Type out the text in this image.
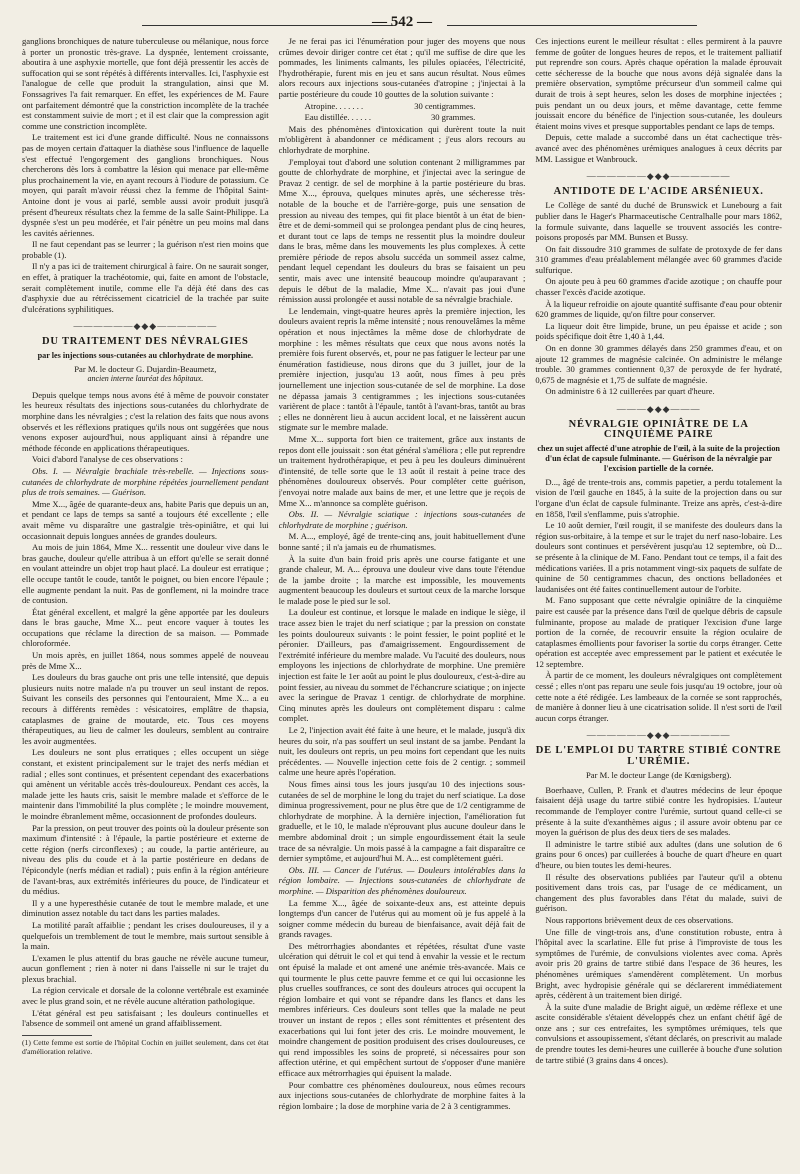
— 542 —

ganglions bronchiques de nature tuberculeuse ou mélanique, nous force à porter un pronostic très-grave. La dyspnée, lentement croissante, aboutira à une asphyxie mortelle, que font déjà pressentir les accès de suffocation qui se sont répétés à différents intervalles. Ici, l'asphyxie est l'analogue de celle que produit la strangulation, ainsi que M. Fonssagrives l'a fait remarquer. En effet, les expériences de M. Faure ont parfaitement démontré que la constriction incomplète de la trachée est constamment suivie de mort ; et il est clair que la compression agit comme une constriction incomplète.

Le traitement est ici d'une grande difficulté. Nous ne connaissons pas de moyen certain d'attaquer la diathèse sous l'influence de laquelle s'est effectué l'engorgement des ganglions bronchiques. Nous chercherons dès lors à combattre la lésion qui menace par elle-même plus prochainement la vie, en ayant recours à l'iodure de potassium. Ce moyen, qui paraît m'avoir réussi chez la femme de l'hôpital Saint-Antoine dont je vous ai parlé, semble aussi avoir produit jusqu'à présent d'heureux résultats chez la femme de la salle Saint-Philippe. La dyspnée s'est un peu modérée, et l'air pénètre un peu moins mal dans les cavités aériennes.

Il ne faut cependant pas se leurrer ; la guérison n'est rien moins que probable (1).

Il n'y a pas ici de traitement chirurgical à faire. On ne saurait songer, en effet, à pratiquer la trachéotomie, qui, faite en amont de l'obstacle, serait complètement inutile, comme elle l'a déjà été dans des cas d'asphyxie due au rétrécissement cicatriciel de la trachée par suite d'ulcérations syphilitiques.

——————◆◆◆——————
DU TRAITEMENT DES NÉVRALGIES
par les injections sous-cutanées au chlorhydrate de morphine.
Par M. le docteur G. Dujardin-Beaumetz,
ancien interne lauréat des hôpitaux.

Depuis quelque temps nous avons été à même de pouvoir constater les heureux résultats des injections sous-cutanées du chlorhydrate de morphine dans les névralgies ; c'est la relation des faits que nous avons observés et les réflexions pratiques qu'ils nous ont suggérées que nous venons exposer aujourd'hui, nous appliquant ainsi à répandre une méthode féconde en applications thérapeutiques.

Voici d'abord l'analyse de ces observations :

Obs. I. — Névralgie brachiale très-rebelle. — Injections sous-cutanées de chlorhydrate de morphine répétées journellement pendant plus de trois semaines. — Guérison.

Mme X..., âgée de quarante-deux ans, habite Paris que depuis un an, et pendant ce laps de temps sa santé a toujours été excellente ; elle avait même vu disparaître une gastralgie très-opiniâtre, et qui lui occasionnait depuis longues années de grandes douleurs.

Au mois de juin 1864, Mme X... ressentit une douleur vive dans le bras gauche, douleur qu'elle attribua à un effort qu'elle se serait donné en voulant atteindre un objet trop haut placé. La douleur est erratique ; elle occupe tantôt le coude, tantôt le poignet, ou bien encore l'épaule ; elle augmente pendant la nuit. Pas de gonflement, ni la moindre trace de contusion.

État général excellent, et malgré la gêne apportée par les douleurs dans le bras gauche, Mme X... peut encore vaquer à toutes les occupations que réclame la direction de sa maison. — Pommade chloroformée.

Un mois après, en juillet 1864, nous sommes appelé de nouveau près de Mme X...

Les douleurs du bras gauche ont pris une telle intensité, que depuis plusieurs nuits notre malade n'a pu trouver un seul instant de repos. Suivant les conseils des personnes qui l'entouraient, Mme X... a eu recours à différents remèdes : vésicatoires, emplâtre de thapsia, cataplasmes de graine de moutarde, etc. Tous ces moyens thérapeutiques, au lieu de calmer les douleurs, semblent au contraire les avoir augmentées.

Les douleurs ne sont plus erratiques ; elles occupent un siège constant, et existent principalement sur le trajet des nerfs médian et radial ; elles sont continues, et présentent cependant des exacerbations qui amènent un véritable accès très-douloureux. Pendant ces accès, la malade jette les hauts cris, saisit le membre malade et s'efforce de le maintenir dans l'immobilité la plus complète ; le moindre mouvement, le moindre ébranlement même, occasionnent de profondes douleurs.

Par la pression, on peut trouver des points où la douleur présente son maximum d'intensité : à l'épaule, la partie postérieure et externe de cette région (nerfs circonflexes) ; au coude, la partie antérieure, au niveau des plis du coude et à la partie postérieure en dedans de l'épicondyle (nerfs médian et radial) ; puis enfin à la région antérieure de l'avant-bras, aux extrémités inférieures du pouce, de l'indicateur et du médius.

Il y a une hyperesthésie cutanée de tout le membre malade, et une diminution assez notable du tact dans les parties malades.

La motilité paraît affaiblie ; pendant les crises douloureuses, il y a quelquefois un tremblement de tout le membre, mais surtout sensible à la main.

L'examen le plus attentif du bras gauche ne révèle aucune tumeur, aucun gonflement ; rien à noter ni dans l'aisselle ni sur le trajet du plexus brachial.

La région cervicale et dorsale de la colonne vertébrale est examinée avec le plus grand soin, et ne révèle aucune altération pathologique.

L'état général est peu satisfaisant ; les douleurs continuelles et l'absence de sommeil ont amené un grand affaiblissement.

(1) Cette femme est sortie de l'hôpital Cochin en juillet seulement, dans cet état d'amélioration relative.

Je ne ferai pas ici l'énumération pour juger des moyens que nous crûmes devoir diriger contre cet état ; qu'il me suffise de dire que les pommades, les liniments calmants, les pilules opiacées, l'électricité, l'hydrothérapie, furent mis en jeu et sans aucun résultat. Nous eûmes alors recours aux injections sous-cutanées d'atropine ; j'injectai à la partie postérieure du coude 10 gouttes de la solution suivante :

Atropine. . . . . . .	30 centigrammes.
Eau distillée. . . . . .	30 grammes.

Mais des phénomènes d'intoxication qui durèrent toute la nuit m'obligèrent à abandonner ce médicament ; j'eus alors recours au chlorhydrate de morphine.

J'employai tout d'abord une solution contenant 2 milligrammes par goutte de chlorhydrate de morphine, et j'injectai avec la seringue de Pravaz 2 centigr. de sel de morphine à la partie postérieure du bras. Mme X..., éprouva, quelques minutes après, une sécheresse très-notable de la bouche et de l'arrière-gorge, puis une sensation de pression au niveau des tempes, qui fit place bientôt à un état de bien-être et de demi-sommeil qui se prolongea pendant plus de cinq heures, et durant tout ce laps de temps ne ressentit plus la moindre douleur dans le bras, même dans les mouvements les plus complexes. À cette première période de repos absolu succéda un sommeil assez calme, pendant lequel cependant les douleurs du bras se faisaient un peu sentir, mais avec une intensité beaucoup moindre qu'auparavant ; depuis le début de la maladie, Mme X... n'avait pas joui d'une rémission aussi prolongée et aussi notable de sa névralgie brachiale.

Le lendemain, vingt-quatre heures après la première injection, les douleurs avaient repris la même intensité ; nous renouvelâmes la même opération et nous injectâmes la même dose de chlorhydrate de morphine : les mêmes résultats que ceux que nous avons notés la première fois furent observés, et, pour ne pas fatiguer le lecteur par une énumération fastidieuse, nous dirons que du 3 juillet, jour de la première injection, jusqu'au 13 août, nous fîmes à peu près journellement une injection sous-cutanée de sel de morphine. La dose ne dépassa jamais 3 centigrammes ; les injections sous-cutanées varièrent de place : tantôt à l'épaule, tantôt à l'avant-bras, tantôt au bras ; elles ne donnèrent lieu à aucun accident local, et ne laissèrent aucun stigmate sur le membre malade.

Mme X... supporta fort bien ce traitement, grâce aux instants de repos dont elle jouissait : son état général s'améliora ; elle put reprendre un traitement hydrothérapique, et peu à peu les douleurs diminuèrent d'intensité, de telle sorte que le 13 août il restait à peine trace des phénomènes douloureux observés. Pour compléter cette guérison, j'envoyai notre malade aux bains de mer, et une lettre que je reçois de Mme X... m'annonce sa complète guérison.

Obs. II. — Névralgie sciatique : injections sous-cutanées de chlorhydrate de morphine ; guérison.

M. A..., employé, âgé de trente-cinq ans, jouit habituellement d'une bonne santé ; il n'a jamais eu de rhumatismes.

À la suite d'un bain froid pris après une course fatigante et une grande chaleur, M. A... éprouva une douleur vive dans toute l'étendue de la jambe droite ; la marche est impossible, les mouvements augmentent beaucoup les douleurs et surtout ceux de la marche lorsque le malade pose le pied sur le sol.

La douleur est continue, et lorsque le malade en indique le siège, il trace assez bien le trajet du nerf sciatique ; par la pression on constate les points douloureux suivants : le point fessier, le point poplité et le péronier. D'ailleurs, pas d'amaigrissement. Engourdissement de l'extrémité inférieure du membre malade. Vu l'acuité des douleurs, nous employons les injections de chlorhydrate de morphine. Une première injection est faite le 1er août au point le plus douloureux, c'est-à-dire au point fessier, au niveau du sommet de l'échancrure sciatique ; on injecte avec la seringue de Pravaz 1 centigr. de chlorhydrate de morphine. Cinq minutes après les douleurs ont complètement disparu : calme complet.

Le 2, l'injection avait été faite à une heure, et le malade, jusqu'à dix heures du soir, n'a pas souffert un seul instant de sa jambe. Pendant la nuit, les douleurs ont repris, un peu moins fort cependant que les nuits précédentes. — Nouvelle injection cette fois de 2 centigr. ; sommeil calme une heure après l'opération.

Nous fîmes ainsi tous les jours jusqu'au 10 des injections sous-cutanées de sel de morphine le long du trajet du nerf sciatique. La dose diminua progressivement, pour ne plus être que de 1/2 centigramme de chlorhydrate de morphine. À la dernière injection, l'amélioration fut graduelle, et le 10, le malade n'éprouvant plus aucune douleur dans le membre abdominal droit ; un simple engourdissement était la seule trace de sa névralgie. Un mois passé à la campagne a fait disparaître ce dernier symptôme, et aujourd'hui M. A... est complètement guéri.

Obs. III. — Cancer de l'utérus. — Douleurs intolérables dans la région lombaire. — Injections sous-cutanées de chlorhydrate de morphine. — Disparition des phénomènes douloureux.

La femme X..., âgée de soixante-deux ans, est atteinte depuis longtemps d'un cancer de l'utérus qui au moment où je fus appelé à la soigner comme médecin du bureau de bienfaisance, avait déjà fait de grands ravages.

Des métrorrhagies abondantes et répétées, résultat d'une vaste ulcération qui détruit le col et qui tend à envahir la vessie et le rectum ont épuisé la malade et ont amené une anémie très-avancée. Mais ce qui tourmente le plus cette pauvre femme et ce qui lui occasionne les plus cruelles souffrances, ce sont des douleurs atroces qui occupent la région lombaire et qui vont se répandre dans les flancs et dans les membres inférieurs. Ces douleurs sont telles que la malade ne peut trouver un instant de repos ; elles sont rémittentes et présentent des exacerbations qui lui font jeter des cris. Le moindre mouvement, le moindre changement de position produisent des crises douloureuses, ce qui rend impossibles les soins de propreté, si nécessaires pour son affection utérine, et qui empêchent surtout de s'opposer d'une manière efficace aux métrorrhagies qui épuisent la malade.

Pour combattre ces phénomènes douloureux, nous eûmes recours aux injections sous-cutanées de chlorhydrate de morphine faites à la région lombaire ; la dose de morphine varia de 2 à 3 centigrammes.

Ces injections eurent le meilleur résultat : elles permirent à la pauvre femme de goûter de longues heures de repos, et le traitement palliatif put reprendre son cours. Après chaque opération la malade éprouvait cette sécheresse de la bouche que nous avons déjà signalée dans la première observation, symptôme précurseur d'un sommeil calme qui durait de trois à sept heures, selon les doses de morphine injectées ; puis pendant un ou deux jours, et même davantage, cette femme jouissait encore du bénéfice de l'injection sous-cutanée, les douleurs étaient moins vives et presque supportables pendant ce laps de temps.

Depuis, cette malade a succombé dans un état cachectique très-avancé avec des phénomènes urémiques analogues à ceux décrits par MM. Lassigue et Wanbrouck.

——————◆◆◆——————
ANTIDOTE DE L'ACIDE ARSÉNIEUX.

Le Collège de santé du duché de Brunswick et Lunebourg a fait publier dans le Hager's Pharmaceutische Centralhalle pour mars 1862, la formule suivante, dans laquelle se trouvent associés les contre-poisons proposés par MM. Bunsen et Bussy.

On fait dissoudre 310 grammes de sulfate de protoxyde de fer dans 310 grammes d'eau préalablement mélangée avec 60 grammes d'acide sulfurique.

On ajoute peu à peu 60 grammes d'acide azotique ; on chauffe pour chasser l'excès d'acide azotique.

À la liqueur refroidie on ajoute quantité suffisante d'eau pour obtenir 620 grammes de liquide, qu'on filtre pour conserver.

La liqueur doit être limpide, brune, un peu épaisse et acide ; son poids spécifique doit être 1,40 à 1,44.

On en donne 30 grammes délayés dans 250 grammes d'eau, et on ajoute 12 grammes de magnésie calcinée. On administre le mélange trouble. 30 grammes contiennent 0,37 de peroxyde de fer hydraté, 0,675 de magnésie et 1,75 de sulfate de magnésie.

On administre 6 à 12 cuillerées par quart d'heure.

———◆◆◆———
NÉVRALGIE OPINIÂTRE DE LA CINQUIÈME PAIRE
chez un sujet affecté d'une atrophie de l'œil, à la suite de la projection d'un éclat de capsule fulminante. — Guérison de la névralgie par l'excision partielle de la cornée.

D..., âgé de trente-trois ans, commis papetier, a perdu totalement la vision de l'œil gauche en 1845, à la suite de la projection dans ou sur l'organe d'un éclat de capsule fulminante. Treize ans après, c'est-à-dire en 1858, l'œil s'enflamme, puis s'atrophie.

Le 10 août dernier, l'œil rougit, il se manifeste des douleurs dans la région sus-orbitaire, à la tempe et sur le trajet du nerf naso-lobaire. Les douleurs sont continues et persévèrent jusqu'au 12 septembre, où D... se présente à la clinique de M. Fano. Pendant tout ce temps, il a fait des médications variées. Il a pris notamment vingt-six paquets de sulfate de quinine de 50 centigrammes chacun, des onctions belladonées et laudanisées ont été faites continuellement autour de l'orbite.

M. Fano supposant que cette névralgie opiniâtre de la cinquième paire est causée par la présence dans l'œil de quelque débris de capsule fulminante, propose au malade de pratiquer l'excision d'une large portion de la cornée, de recouvrir ensuite la région oculaire de cataplasmes émollients pour favoriser la sortie du corps étranger. Cette opération est acceptée avec empressement par le patient et exécutée le 12 septembre.

À partir de ce moment, les douleurs névralgiques ont complètement cessé ; elles n'ont pas reparu une seule fois jusqu'au 19 octobre, jour où cette note a été rédigée. Les lambeaux de la cornée se sont rapprochés, de manière à donner lieu à une cicatrisation solide. Il n'est sorti de l'œil aucun corps étranger.

——————◆◆◆——————
DE L'EMPLOI DU TARTRE STIBIÉ CONTRE L'URÉMIE.
Par M. le docteur Lange (de Kœnigsberg).

Boerhaave, Cullen, P. Frank et d'autres médecins de leur époque faisaient déjà usage du tartre stibié contre les hydropisies. L'auteur recommande de l'employer contre l'urémie, surtout quand celle-ci se présente à la suite d'exanthèmes aigus ; il assure avoir obtenu par ce moyen la guérison de plus des deux tiers de ses malades.

Il administre le tartre stibié aux adultes (dans une solution de 6 grains pour 6 onces) par cuillerées à bouche de quart d'heure en quart d'heure, ou bien toutes les demi-heures.

Il résulte des observations publiées par l'auteur qu'il a obtenu positivement dans trois cas, par l'usage de ce médicament, un changement des plus favorables dans l'état du malade, suivi de guérison.

Nous rapportons brièvement deux de ces observations.

Une fille de vingt-trois ans, d'une constitution robuste, entra à l'hôpital avec la scarlatine. Elle fut prise à l'improviste de tous les symptômes de l'urémie, de convulsions violentes avec coma. Après avoir pris 20 grains de tartre stibié dans l'espace de 36 heures, les phénomènes urémiques s'amendèrent complètement. Un morbus Bright, avec hydropisie générale qui se déclarerent immédiatement après, cédèrent à un traitement bien dirigé.

À la suite d'une maladie de Bright aiguë, un œdème réflexe et une ascite considérable s'étaient développés chez un enfant chétif âgé de onze ans ; sur ces entrefaites, les symptômes urémiques, tels que convulsions et assoupissement, s'étant déclarés, on prescrivit au malade de prendre toutes les demi-heures une cuillerée à bouche d'une solution de tartre stibié (3 grains dans 4 onces).
